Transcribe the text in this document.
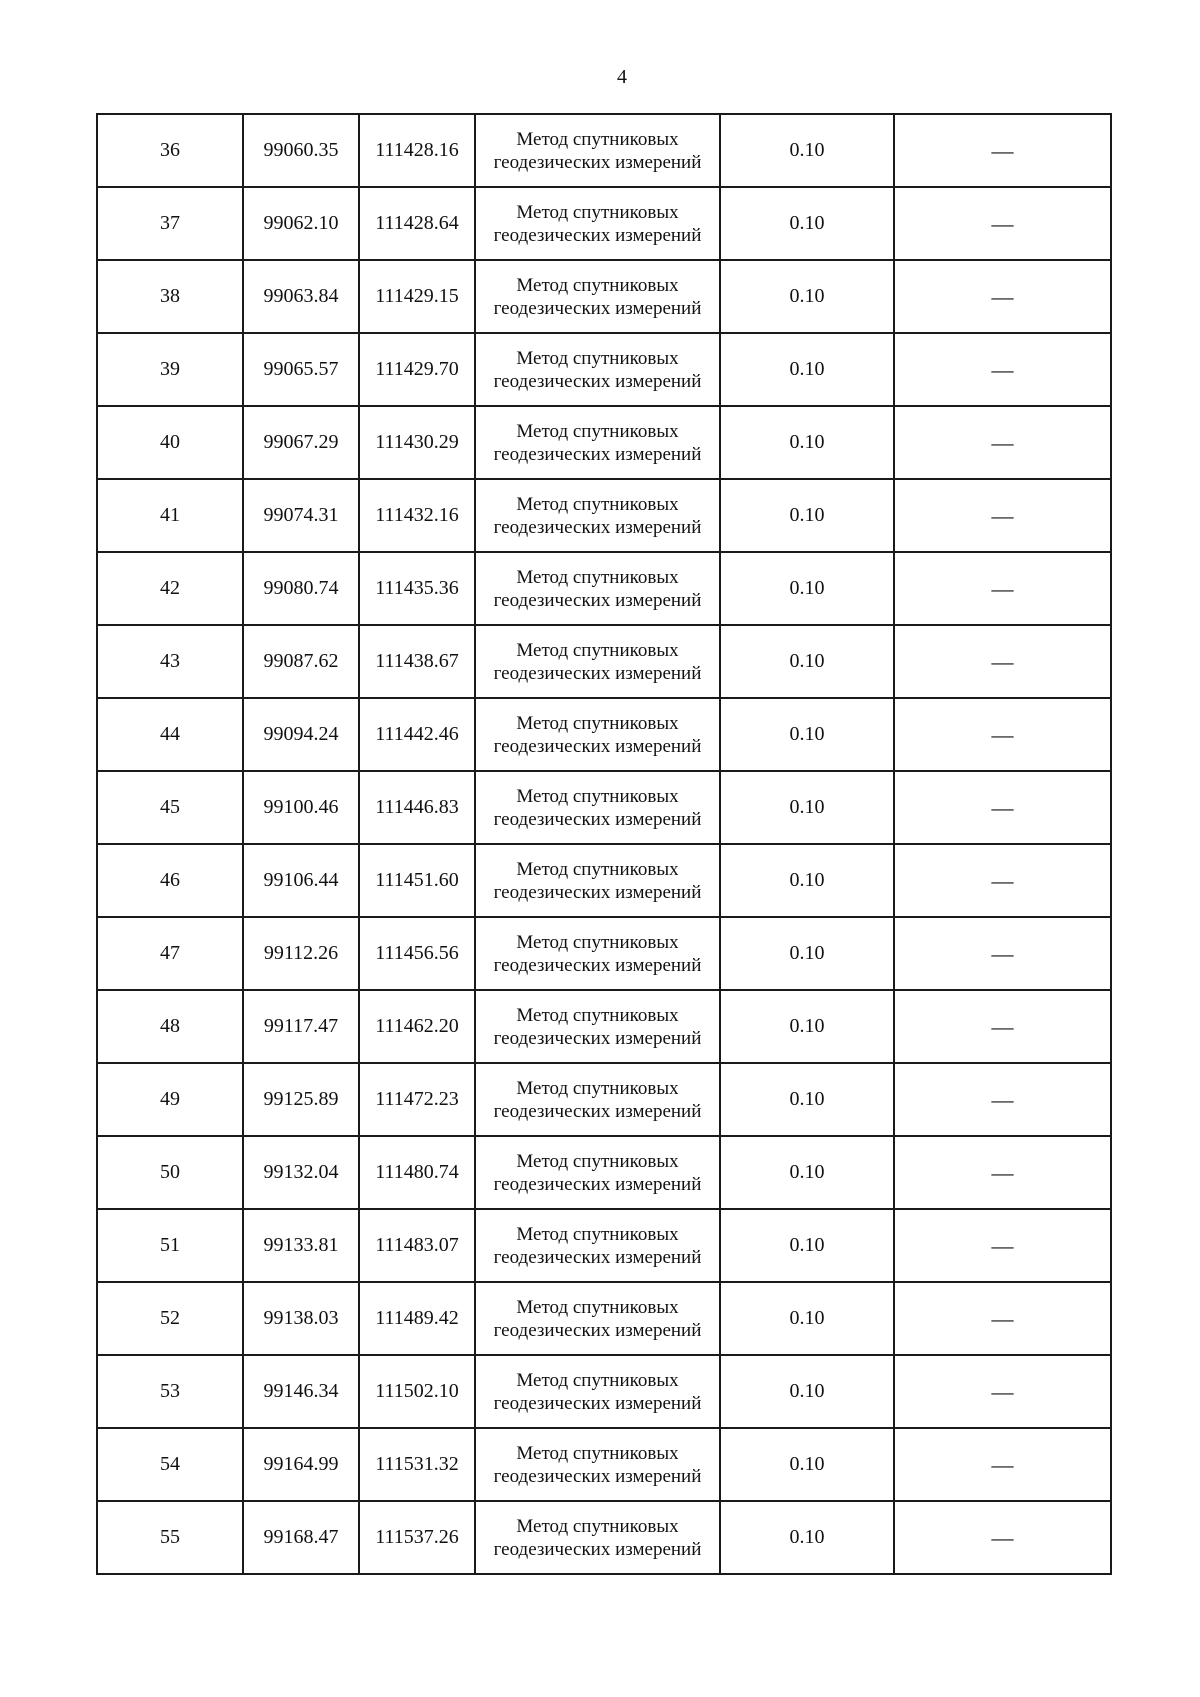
4
36	99060.35	111428.16	Метод спутниковых
геодезических измерений	0.10	—
37	99062.10	111428.64	Метод спутниковых
геодезических измерений	0.10	—
38	99063.84	111429.15	Метод спутниковых
геодезических измерений	0.10	—
39	99065.57	111429.70	Метод спутниковых
геодезических измерений	0.10	—
40	99067.29	111430.29	Метод спутниковых
геодезических измерений	0.10	—
41	99074.31	111432.16	Метод спутниковых
геодезических измерений	0.10	—
42	99080.74	111435.36	Метод спутниковых
геодезических измерений	0.10	—
43	99087.62	111438.67	Метод спутниковых
геодезических измерений	0.10	—
44	99094.24	111442.46	Метод спутниковых
геодезических измерений	0.10	—
45	99100.46	111446.83	Метод спутниковых
геодезических измерений	0.10	—
46	99106.44	111451.60	Метод спутниковых
геодезических измерений	0.10	—
47	99112.26	111456.56	Метод спутниковых
геодезических измерений	0.10	—
48	99117.47	111462.20	Метод спутниковых
геодезических измерений	0.10	—
49	99125.89	111472.23	Метод спутниковых
геодезических измерений	0.10	—
50	99132.04	111480.74	Метод спутниковых
геодезических измерений	0.10	—
51	99133.81	111483.07	Метод спутниковых
геодезических измерений	0.10	—
52	99138.03	111489.42	Метод спутниковых
геодезических измерений	0.10	—
53	99146.34	111502.10	Метод спутниковых
геодезических измерений	0.10	—
54	99164.99	111531.32	Метод спутниковых
геодезических измерений	0.10	—
55	99168.47	111537.26	Метод спутниковых
геодезических измерений	0.10	—
